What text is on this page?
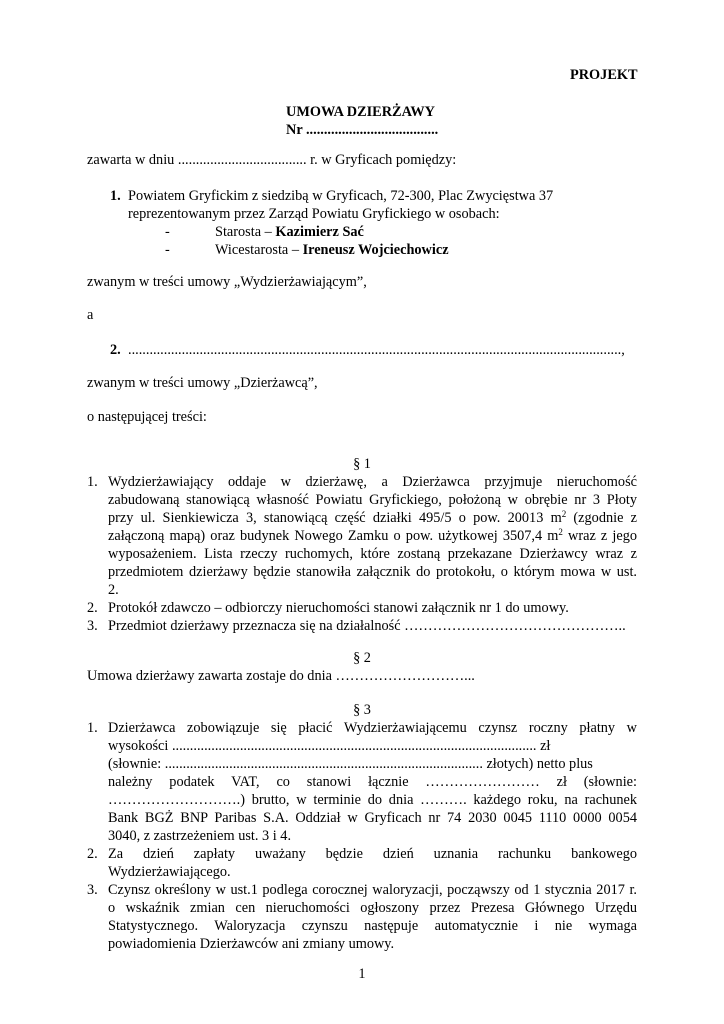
PROJEKT
UMOWA DZIERŻAWY
Nr .....................................
zawarta w dniu .................................... r. w Gryficach pomiędzy:
1. Powiatem Gryfickim z siedzibą w Gryficach, 72-300, Plac Zwycięstwa 37
reprezentowanym przez Zarząd Powiatu Gryfickiego w osobach:
-	Starosta – Kazimierz Sać
-	Wicestarosta – Ireneusz Wojciechowicz
zwanym w treści umowy „Wydzierżawiającym”,
a
2. ..........................................................................................................................................,
zwanym w treści umowy „Dzierżawcą”,
o następującej treści:
§ 1
1. Wydzierżawiający oddaje w dzierżawę, a Dzierżawca przyjmuje nieruchomość
zabudowaną stanowiącą własność Powiatu Gryfickiego, położoną w obrębie nr 3 Płoty
przy ul. Sienkiewicza 3, stanowiącą część działki 495/5 o pow. 20013 $m^2$ (zgodnie z
załączoną mapą) oraz budynek Nowego Zamku o pow. użytkowej 3507,4 $m^2$ wraz z jego
wyposażeniem. Lista rzeczy ruchomych, które zostaną przekazane Dzierżawcy wraz z
przedmiotem dzierżawy będzie stanowiła załącznik do protokołu, o którym mowa w ust.
2.
2. Protokół zdawczo – odbiorczy nieruchomości stanowi załącznik nr 1 do umowy.
3. Przedmiot dzierżawy przeznacza się na działalność ………………………………………..
§ 2
Umowa dzierżawy zawarta zostaje do dnia ………………………...
§ 3
1. Dzierżawca zobowiązuje się płacić Wydzierżawiającemu czynsz roczny płatny w
wysokości ...................................................................................................... zł
(słownie: ......................................................................................... złotych) netto plus
należny podatek VAT, co stanowi łącznie …………………… zł (słownie:
……………………….) brutto, w terminie do dnia ………. każdego roku, na rachunek
Bank BGŻ BNP Paribas S.A. Oddział w Gryficach nr 74 2030 0045 1110 0000 0054
3040, z zastrzeżeniem ust. 3 i 4.
2. Za dzień zapłaty uważany będzie dzień uznania rachunku bankowego
Wydzierżawiającego.
3. Czynsz określony w ust.1 podlega corocznej waloryzacji, począwszy od 1 stycznia 2017 r.
o wskaźnik zmian cen nieruchomości ogłoszony przez Prezesa Głównego Urzędu
Statystycznego. Waloryzacja czynszu następuje automatycznie i nie wymaga
powiadomienia Dzierżawców ani zmiany umowy.
1
